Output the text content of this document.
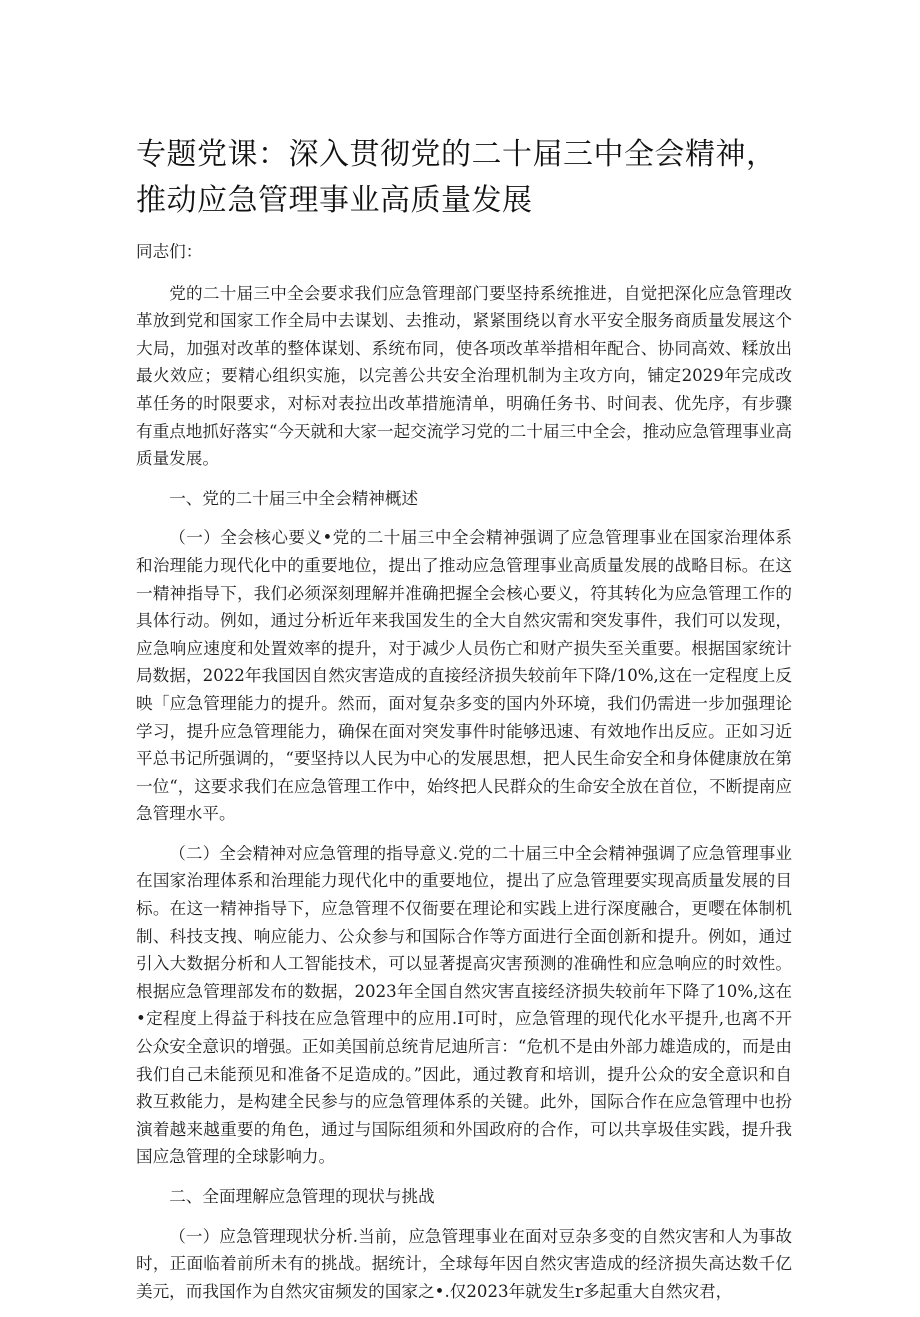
专题党课：深入贯彻党的二十届三中全会精神，推动应急管理事业高质量发展

同志们：

党的二十届三中全会要求我们应急管理部门要坚持系统推进，自觉把深化应急管理改革放到党和国家工作全局中去谋划、去推动，紧紧围绕以育水平安全服务商质量发展这个大局，加强对改革的整体谋划、系统布同，使各项改革举措相年配合、协同高效、糅放出最火效应；要精心组织实施，以完善公共安全治理机制为主攻方向，铺定2029年完成改革任务的时限要求，对标对表拉出改革措施清单，明确任务书、时间表、优先序，有步骤有重点地抓好落实“今天就和大家一起交流学习党的二十届三中全会，推动应急管理事业高质量发展。

一、党的二十届三中全会精神概述

（一）全会核心要义•党的二十届三中全会精神强调了应急管理事业在国家治理体系和治理能力现代化中的重要地位，提出了推动应急管理事业高质量发展的战略目标。在这一精神指导下，我们必须深刻理解并准确把握全会核心要义，符其转化为应急管理工作的具体行动。例如，通过分析近年来我国发生的全大自然灾需和突发事件，我们可以发现，应急响应速度和处置效率的提升，对于减少人员伤亡和财产损失至关重要。根据国家统计局数据，2022年我国因自然灾害造成的直接经济损失较前年下降/10%,这在一定程度上反映「应急管理能力的提升。然而，面对复杂多变的国内外环境，我们仍需进一步加强理论学习，提升应急管理能力，确保在面对突发事件时能够迅速、有效地作出反应。正如习近平总书记所强调的，“要坚持以人民为中心的发展思想，把人民生命安全和身体健康放在第一位“，这要求我们在应急管理工作中，始终把人民群众的生命安全放在首位，不断提南应急管理水平。

（二）全会精神对应急管理的指导意义.党的二十届三中全会精神强调了应急管理事业在国家治理体系和治理能力现代化中的重要地位，提出了应急管理要实现高质量发展的目标。在这一精神指导下，应急管理不仅衙要在理论和实践上进行深度融合，更嘤在体制机制、科技支拽、响应能力、公众参与和国际合作等方面进行全面创新和提升。例如，通过引入大数据分析和人工智能技术，可以显著提高灾害预测的准确性和应急响应的时效性。根据应急管理部发布的数据，2023年全国自然灾害直接经济损失较前年下降了10%,这在•定程度上得益于科技在应急管理中的应用.I可时，应急管理的现代化水平提升,也离不开公众安全意识的增强。正如美国前总统肯尼迪所言：“危机不是由外部力雄造成的，而是由我们自己未能预见和准备不足造成的。”因此，通过教育和培训，提升公众的安全意识和自救互救能力，是构建全民参与的应急管理体系的关键。此外，国际合作在应急管理中也扮演着越来越重要的角色，通过与国际组须和外国政府的合作，可以共享圾佳实践，提升我国应急管理的全球影响力。

二、全面理解应急管理的现状与挑战

（一）应急管理现状分析.当前，应急管理事业在面对豆杂多变的自然灾害和人为事故时，正面临着前所未有的挑战。据统计，全球每年因自然灾害造成的经济损失高达数千亿美元，而我国作为自然灾宙频发的国家之•.仅2023年就发生r多起重大自然灾君，
